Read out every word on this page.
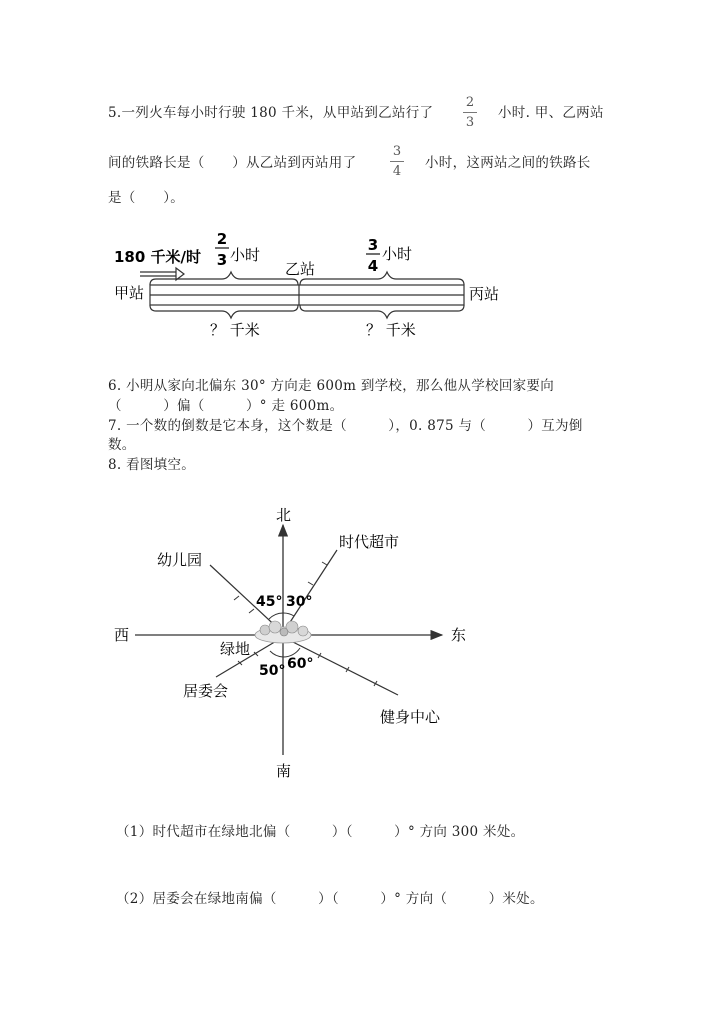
5.一列火车每小时行驶 180 千米，从甲站到乙站行了
2
3
小时. 甲、乙两站
间的铁路长是（　　）从乙站到丙站用了
3
4
小时，这两站之间的铁路长
是（　　）。
180 千米/时
2
3 小时
3
4
小时
甲站
乙站
丙站
？ 千米	？ 千米
6. 小明从家向北偏东 30° 方向走 600m 到学校，那么他从学校回家要向
（　　　）偏（　　　）° 走 600m。
7. 一个数的倒数是它本身，这个数是（　　　），0. 875 与（　　　）互为倒
数。
8. 看图填空。
北
南
东
西
幼儿园
时代超市
绿地
居委会
健身中心
45° 30°
50° 60°
（1）时代超市在绿地北偏（　　　）（　　　）° 方向 300 米处。
（2）居委会在绿地南偏（　　　）（　　　）° 方向（　　　）米处。
